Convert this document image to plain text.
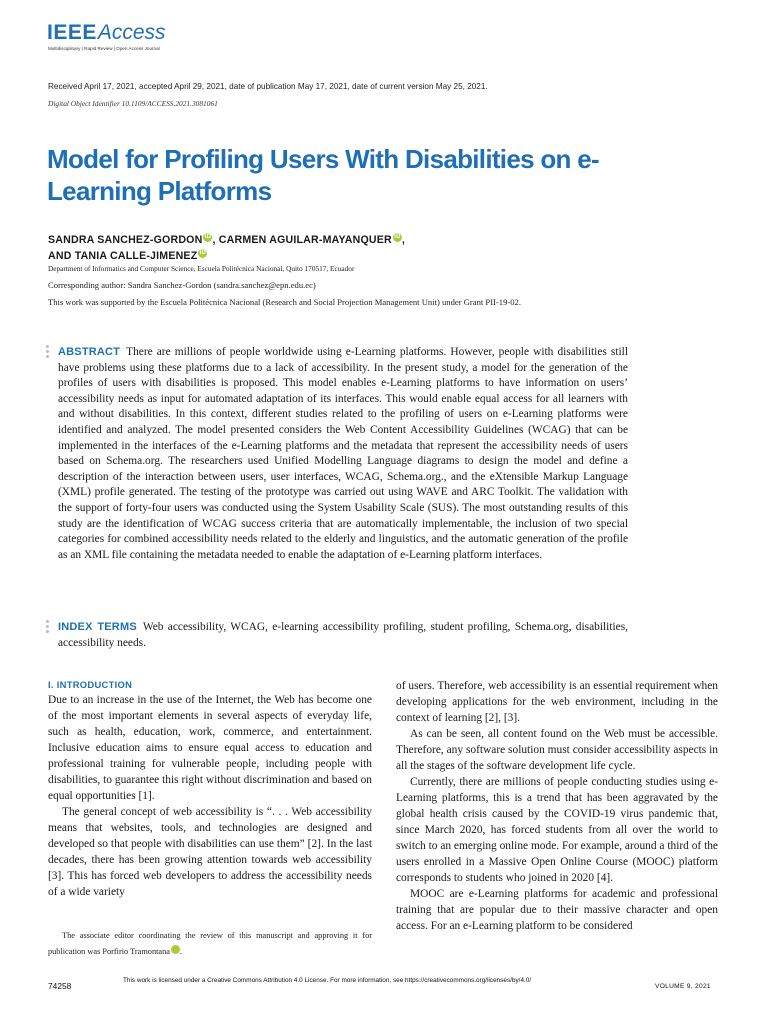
IEEEAccess
Multidisciplinary | Rapid Review | Open Access Journal
Received April 17, 2021, accepted April 29, 2021, date of publication May 17, 2021, date of current version May 25, 2021.
Digital Object Identifier 10.1109/ACCESS.2021.3081061
Model for Profiling Users With Disabilities on e-Learning Platforms
SANDRA SANCHEZ-GORDON iD, CARMEN AGUILAR-MAYANQUER iD,
AND TANIA CALLE-JIMENEZ iD
Department of Informatics and Computer Science, Escuela Politécnica Nacional, Quito 170517, Ecuador
Corresponding author: Sandra Sanchez-Gordon (sandra.sanchez@epn.edu.ec)
This work was supported by the Escuela Politécnica Nacional (Research and Social Projection Management Unit) under Grant PII-19-02.
ABSTRACT There are millions of people worldwide using e-Learning platforms. However, people with disabilities still have problems using these platforms due to a lack of accessibility. In the present study, a model for the generation of the profiles of users with disabilities is proposed. This model enables e-Learning platforms to have information on users’ accessibility needs as input for automated adaptation of its interfaces. This would enable equal access for all learners with and without disabilities. In this context, different studies related to the profiling of users on e-Learning platforms were identified and analyzed. The model presented considers the Web Content Accessibility Guidelines (WCAG) that can be implemented in the interfaces of the e-Learning platforms and the metadata that represent the accessibility needs of users based on Schema.org. The researchers used Unified Modelling Language diagrams to design the model and define a description of the interaction between users, user interfaces, WCAG, Schema.org., and the eXtensible Markup Language (XML) profile generated. The testing of the prototype was carried out using WAVE and ARC Toolkit. The validation with the support of forty-four users was conducted using the System Usability Scale (SUS). The most outstanding results of this study are the identification of WCAG success criteria that are automatically implementable, the inclusion of two special categories for combined accessibility needs related to the elderly and linguistics, and the automatic generation of the profile as an XML file containing the metadata needed to enable the adaptation of e-Learning platform interfaces.
INDEX TERMS Web accessibility, WCAG, e-learning accessibility profiling, student profiling, Schema.org, disabilities, accessibility needs.
I. INTRODUCTION

Due to an increase in the use of the Internet, the Web has become one of the most important elements in several aspects of everyday life, such as health, education, work, commerce, and entertainment. Inclusive education aims to ensure equal access to education and professional training for vulnerable people, including people with disabilities, to guarantee this right without discrimination and based on equal opportunities [1].

The general concept of web accessibility is “. . . Web accessibility means that websites, tools, and technologies are designed and developed so that people with disabilities can use them” [2]. In the last decades, there has been growing attention towards web accessibility [3]. This has forced web developers to address the accessibility needs of a wide variety

of users. Therefore, web accessibility is an essential requirement when developing applications for the web environment, including in the context of learning [2], [3].

As can be seen, all content found on the Web must be accessible. Therefore, any software solution must consider accessibility aspects in all the stages of the software development life cycle.

Currently, there are millions of people conducting studies using e-Learning platforms, this is a trend that has been aggravated by the global health crisis caused by the COVID-19 virus pandemic that, since March 2020, has forced students from all over the world to switch to an emerging online mode. For example, around a third of the users enrolled in a Massive Open Online Course (MOOC) platform corresponds to students who joined in 2020 [4].

MOOC are e-Learning platforms for academic and professional training that are popular due to their massive character and open access. For an e-Learning platform to be considered

The associate editor coordinating the review of this manuscript and approving it for publication was Porfirio Tramontana	iD.
74258
This work is licensed under a Creative Commons Attribution 4.0 License. For more information, see https://creativecommons.org/licenses/by/4.0/
VOLUME 9, 2021
